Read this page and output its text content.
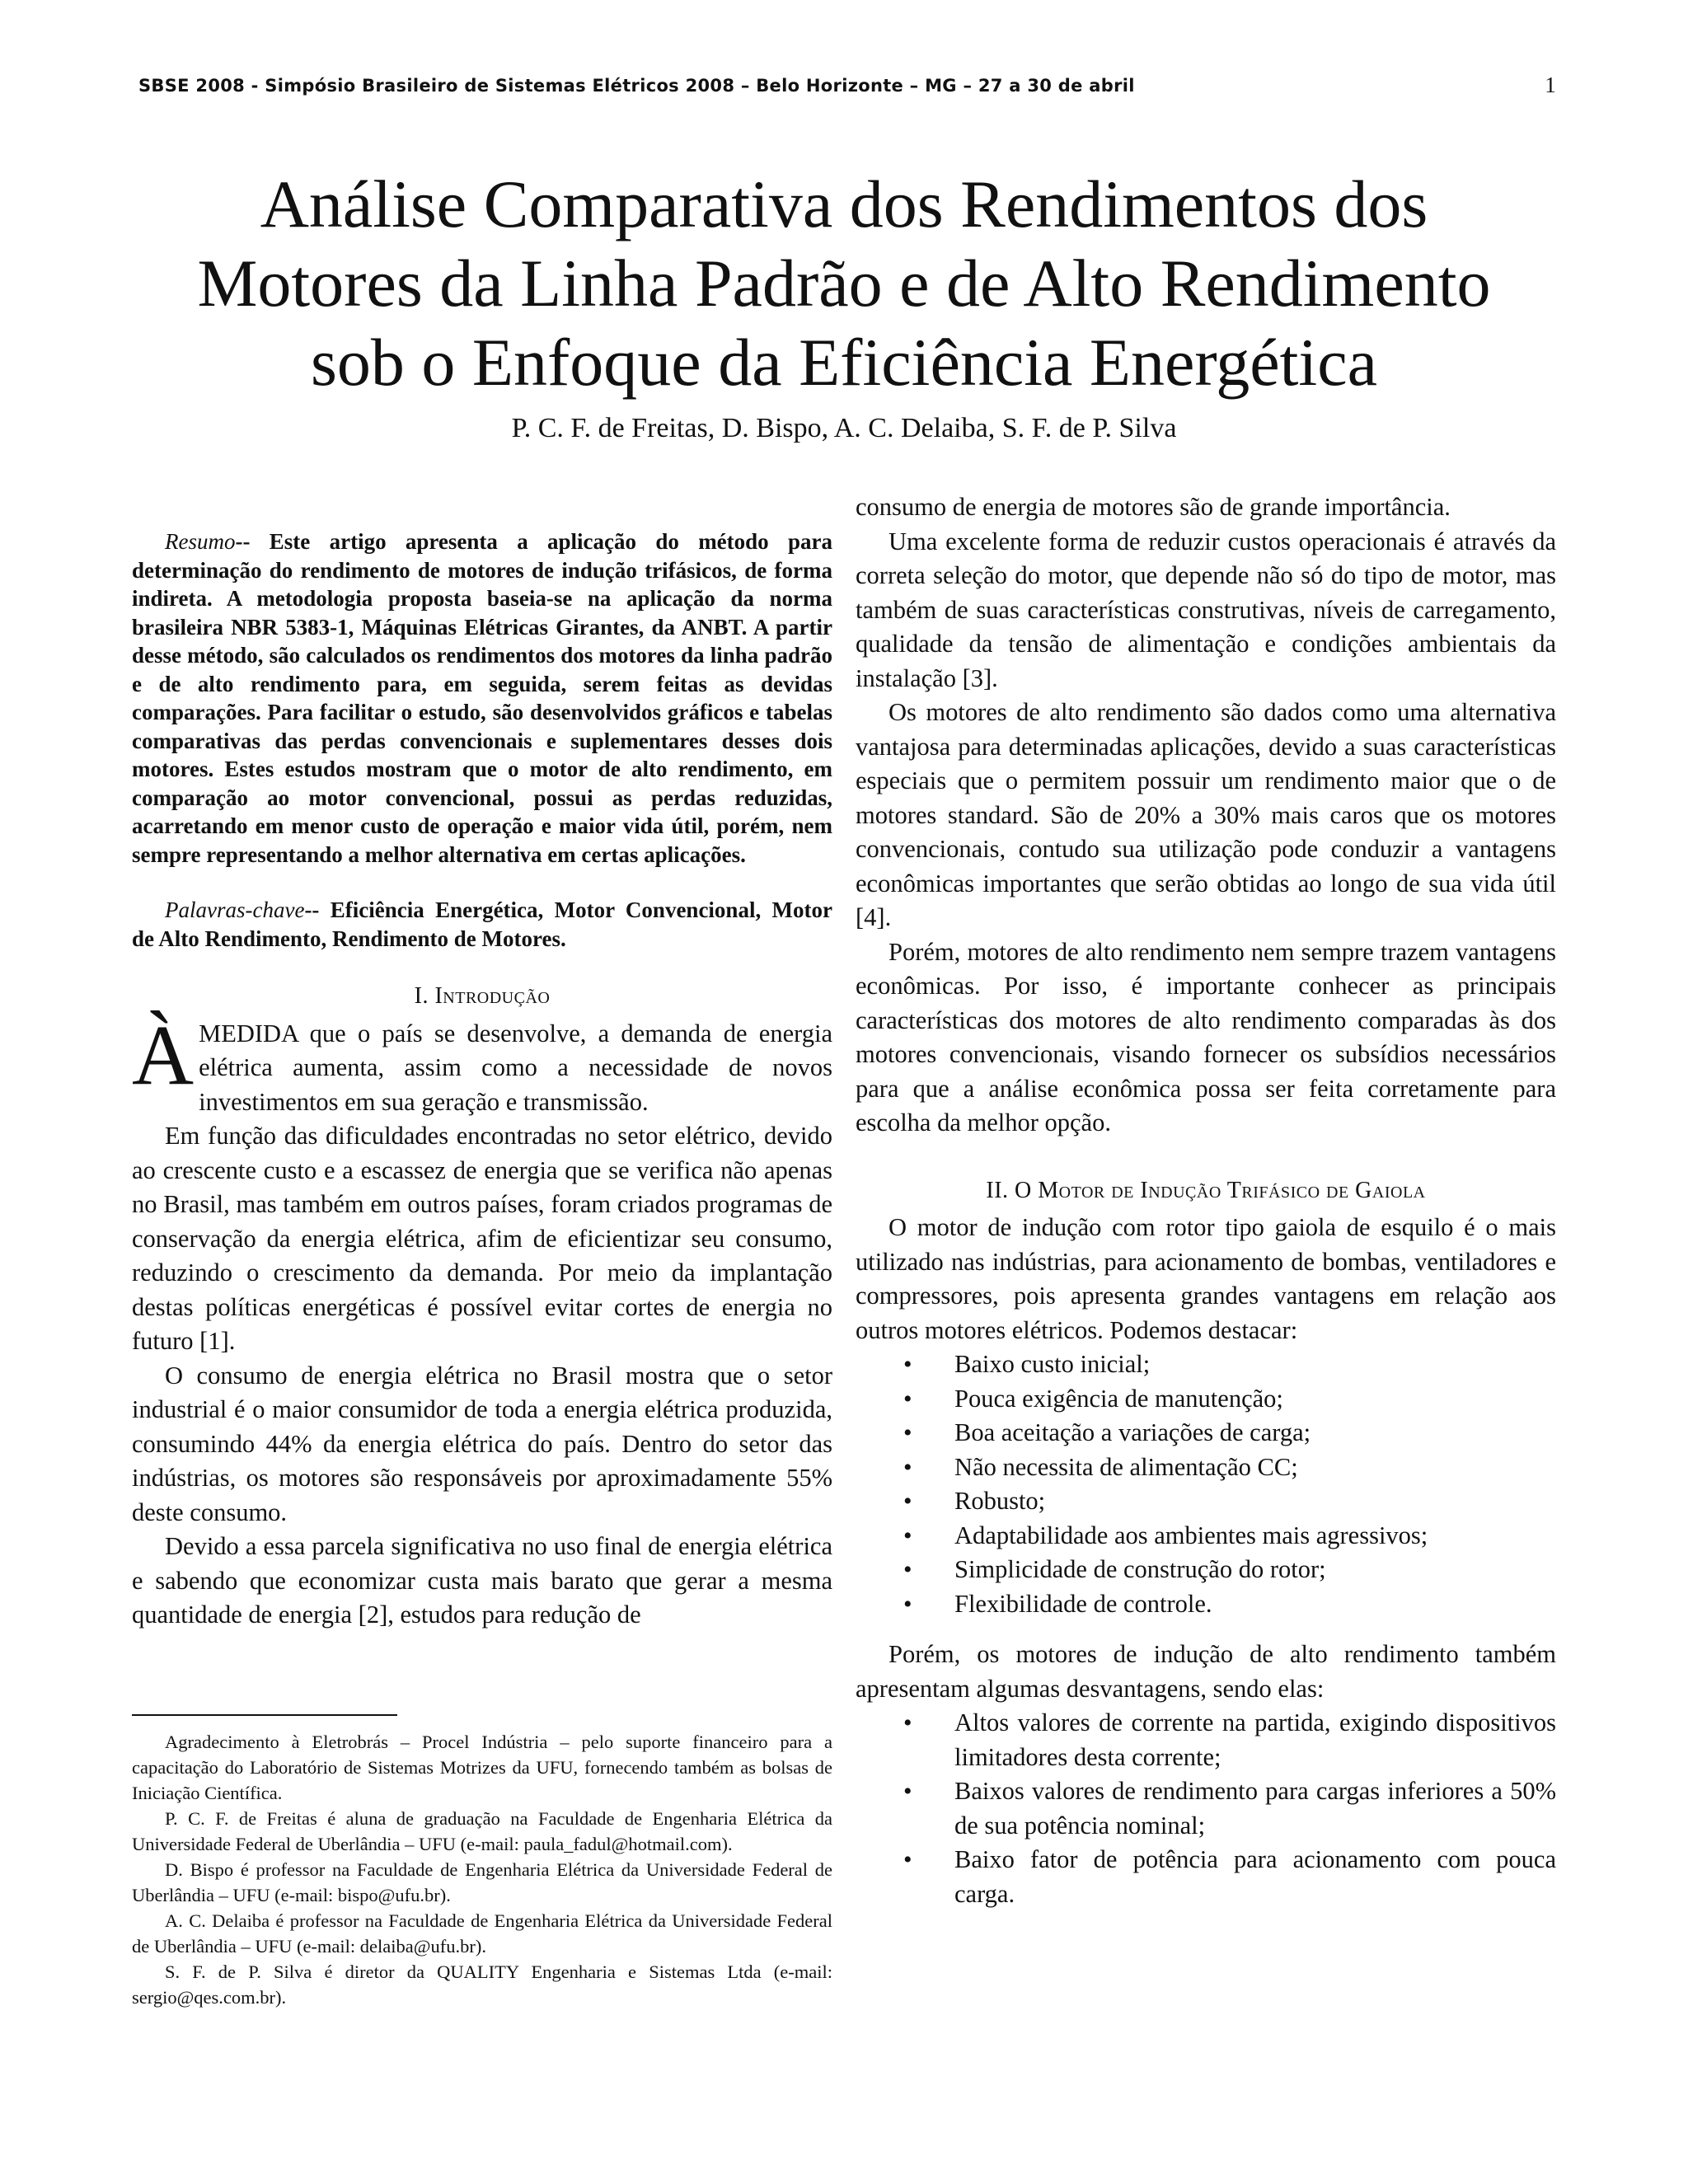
SBSE 2008 - Simpósio Brasileiro de Sistemas Elétricos 2008 – Belo Horizonte – MG – 27 a 30 de abril	1
Análise Comparativa dos Rendimentos dos
Motores da Linha Padrão e de Alto Rendimento
sob o Enfoque da Eficiência Energética
P. C. F. de Freitas, D. Bispo, A. C. Delaiba, S. F. de P. Silva

Resumo-- Este artigo apresenta a aplicação do método para determinação do rendimento de motores de indução trifásicos, de forma indireta. A metodologia proposta baseia-se na aplicação da norma brasileira NBR 5383-1, Máquinas Elétricas Girantes, da ANBT. A partir desse método, são calculados os rendimentos dos motores da linha padrão e de alto rendimento para, em seguida, serem feitas as devidas comparações. Para facilitar o estudo, são desenvolvidos gráficos e tabelas comparativas das perdas convencionais e suplementares desses dois motores. Estes estudos mostram que o motor de alto rendimento, em comparação ao motor convencional, possui as perdas reduzidas, acarretando em menor custo de operação e maior vida útil, porém, nem sempre representando a melhor alternativa em certas aplicações.

Palavras-chave-- Eficiência Energética, Motor Convencional, Motor de Alto Rendimento, Rendimento de Motores.

I. Introdução

ÀMEDIDA que o país se desenvolve, a demanda de energia elétrica aumenta, assim como a necessidade de novos investimentos em sua geração e transmissão.

Em função das dificuldades encontradas no setor elétrico, devido ao crescente custo e a escassez de energia que se verifica não apenas no Brasil, mas também em outros países, foram criados programas de conservação da energia elétrica, afim de eficientizar seu consumo, reduzindo o crescimento da demanda. Por meio da implantação destas políticas energéticas é possível evitar cortes de energia no futuro [1].

O consumo de energia elétrica no Brasil mostra que o setor industrial é o maior consumidor de toda a energia elétrica produzida, consumindo 44% da energia elétrica do país. Dentro do setor das indústrias, os motores são responsáveis por aproximadamente 55% deste consumo.

Devido a essa parcela significativa no uso final de energia elétrica e sabendo que economizar custa mais barato que gerar a mesma quantidade de energia [2], estudos para redução de

Agradecimento à Eletrobrás – Procel Indústria – pelo suporte financeiro para a capacitação do Laboratório de Sistemas Motrizes da UFU, fornecendo também as bolsas de Iniciação Científica.

P. C. F. de Freitas é aluna de graduação na Faculdade de Engenharia Elétrica da Universidade Federal de Uberlândia – UFU (e-mail: paula_fadul@hotmail.com).

D. Bispo é professor na Faculdade de Engenharia Elétrica da Universidade Federal de Uberlândia – UFU (e-mail: bispo@ufu.br).

A. C. Delaiba é professor na Faculdade de Engenharia Elétrica da Universidade Federal de Uberlândia – UFU (e-mail: delaiba@ufu.br).

S. F. de P. Silva é diretor da QUALITY Engenharia e Sistemas Ltda (e-mail: sergio@qes.com.br).

consumo de energia de motores são de grande importância.

Uma excelente forma de reduzir custos operacionais é através da correta seleção do motor, que depende não só do tipo de motor, mas também de suas características construtivas, níveis de carregamento, qualidade da tensão de alimentação e condições ambientais da instalação [3].

Os motores de alto rendimento são dados como uma alternativa vantajosa para determinadas aplicações, devido a suas características especiais que o permitem possuir um rendimento maior que o de motores standard. São de 20% a 30% mais caros que os motores convencionais, contudo sua utilização pode conduzir a vantagens econômicas importantes que serão obtidas ao longo de sua vida útil [4].

Porém, motores de alto rendimento nem sempre trazem vantagens econômicas. Por isso, é importante conhecer as principais características dos motores de alto rendimento comparadas às dos motores convencionais, visando fornecer os subsídios necessários para que a análise econômica possa ser feita corretamente para escolha da melhor opção.

II. O Motor de Indução Trifásico de Gaiola

O motor de indução com rotor tipo gaiola de esquilo é o mais utilizado nas indústrias, para acionamento de bombas, ventiladores e compressores, pois apresenta grandes vantagens em relação aos outros motores elétricos. Podemos destacar:

• Baixo custo inicial;
• Pouca exigência de manutenção;
• Boa aceitação a variações de carga;
• Não necessita de alimentação CC;
• Robusto;
• Adaptabilidade aos ambientes mais agressivos;
• Simplicidade de construção do rotor;
• Flexibilidade de controle.

Porém, os motores de indução de alto rendimento também apresentam algumas desvantagens, sendo elas:

• Altos valores de corrente na partida, exigindo dispositivos limitadores desta corrente;
• Baixos valores de rendimento para cargas inferiores a 50% de sua potência nominal;
• Baixo fator de potência para acionamento com pouca carga.
